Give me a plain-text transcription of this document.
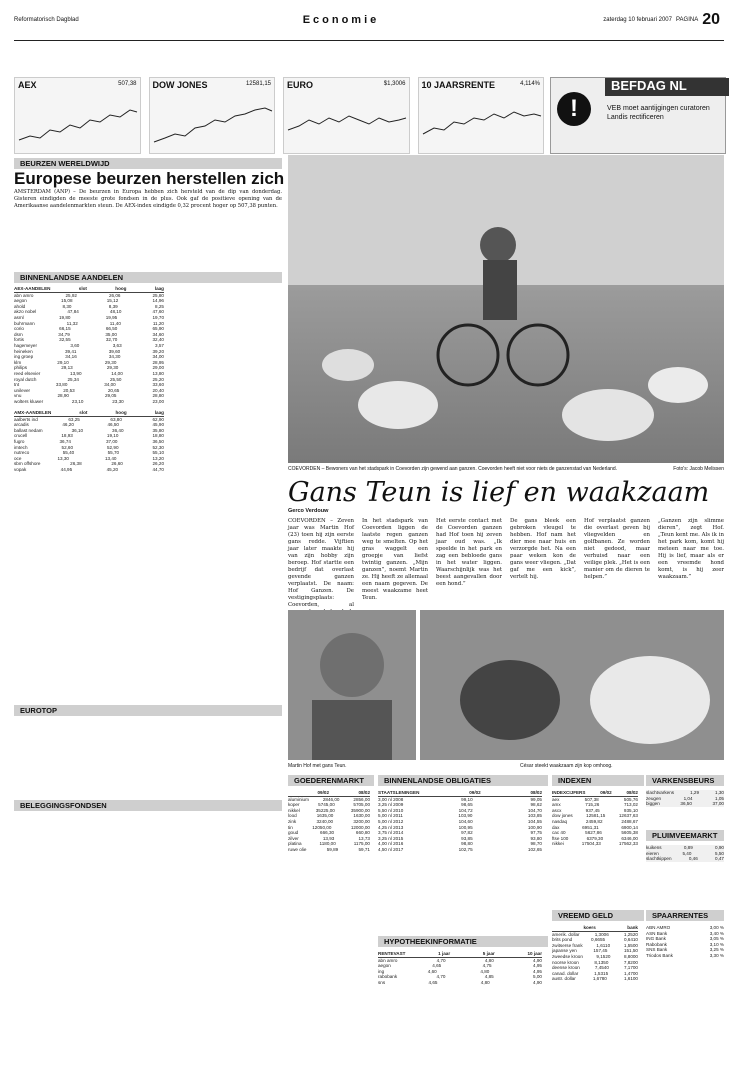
Reformatorisch Dagblad	Economie	zaterdag 10 februari 2007 PAGINA 20
AEX	507,38 DOW JONES	12581,15 EURO	$1,3006 10 JAARSRENTE	4,114%	BEFDAG NL
!	VEB moet aantijgingen curatoren Landis rectificeren
BEURZEN WERELDWIJD
Europese beurzen herstellen zich
AMSTERDAM (ANP) – De beurzen in Europa hebben zich hersteld van de dip van donderdag. Gisteren eindigden de meeste grote fondsen in de plus. Ook gaf de positieve opening van de Amerikaanse aandelenmarkten steun. De AEX-index eindigde 0,32 procent hoger op 507,38 punten.
BINNENLANDSE AANDELEN
AEX-AANDELEN	slot	hoog	laag
abn amro	25,92	26,06	25,80
aegon	15,08	15,12	14,96
ahold	8,30	8,39	8,25
akzo nobel	47,84	48,10	47,60
asml	19,80	19,95	19,70
buhrmann	11,32	11,40	11,20
corio	66,15	66,50	65,90
dsm	34,79	35,00	34,60
fortis	32,55	32,70	32,40
hagemeyer	3,60	3,63	3,57
heineken	39,41	39,60	39,20
ing groep	34,16	34,30	34,00
klm	29,10	29,30	28,95
philips	29,13	29,30	29,00
reed elsevier	13,90	14,00	13,80
royal dutch	25,34	25,50	25,20
tnt	33,80	34,00	33,60
unilever	20,53	20,65	20,40
vnu	28,90	29,05	28,80
wolters kluwer	23,10	23,30	23,00
AMX-AANDELEN	slot	hoog	laag
aalberts ind	63,25	63,80	62,90
arcadis	46,20	46,50	45,90
ballast nedam	36,10	36,40	35,80
crucell	18,93	19,10	18,80
fugro	36,74	37,00	36,50
imtech	52,60	52,90	52,30
nutreco	55,40	55,70	55,10
oce	13,30	13,40	13,20
sbm offshore	26,38	26,60	26,20
vopak	44,95	45,20	44,70	COEVORDEN – Bewoners van het stadspark in Coevorden zijn gewend aan ganzen. Coevorden heeft niet voor niets de ganzenstad van Nederland.	Foto's: Jacob Melissen
Gans Teun is lief en waakzaam
Gerco Verdouw
COEVORDEN – Zeven jaar was Martin Hof (23) toen hij zijn eerste gans redde. Vijftien jaar later maakte hij van zijn hobby zijn beroep. Hof startte een bedrijf dat overlast gevende ganzen verplaatst. De naam: Hof Ganzen. De vestigingsplaats: Coevorden, al
In het stadspark van Coevorden liggen de laatste regen ganzen weg te smelten. Op het gras waggelt een groepje van liefst twintig ganzen. „Mijn ganzen”, noemt Martin ze. Hij heeft ze allemaal een naam gegeven. De meest waakzame heet Teun.
Het eerste contact met de Coevorden ganzen had Hof toen hij zeven jaar oud was. „Ik speelde in het park en zag een bebloede gans in het water liggen. Waarschijnlijk was het beest aangevallen door een hond.”
De gans bleek een gebroken vleugel te hebben. Hof nam het dier mee naar huis en verzorgde het. Na een paar weken kon de gans weer vliegen. „Dat gaf me een kick”, vertelt hij.
Hof verplaatst ganzen die overlast geven bij vliegvelden en golfbanen. Ze worden niet gedood, maar verhuisd naar een veilige plek. „Het is een manier om de dieren te helpen.”
„Ganzen zijn slimme dieren”, zegt Hof. „Teun kent me. Als ik in het park kom, komt hij meteen naar me toe. Hij is lief, maar als er een vreemde hond komt, is hij zeer waakzaam.”
Martin Hof met gans Teun.	César steekt waakzaam zijn kop omhoog.
EUROTOP
BELEGGINGSFONDSEN
GOEDERENMARKT
09/02	08/02
aluminium	2846,00	2856,00
koper	5745,00	5705,00
nikkel	35225,00	35900,00
lood	1635,00	1630,00
zink	3240,00	3200,00
tin	12050,00	12000,00
goud	666,30	660,80
zilver	13,93	13,73
platina	1180,00	1175,00
ruwe olie	59,89	59,71
BINNENLANDSE OBLIGATIES
STAATSLENINGEN	09/02	08/02
3,00 nl 2008	99,10	99,05
3,25 nl 2009	98,65	98,62
5,50 nl 2010	104,72	104,70
5,00 nl 2011	103,90	103,85
5,00 nl 2012	104,60	104,55
4,25 nl 2013	100,95	100,90
3,75 nl 2014	97,82	97,75
3,25 nl 2015	93,85	93,80
4,00 nl 2016	98,80	98,70
4,50 nl 2017	102,75	102,65
HYPOTHEEKINFORMATIE
RENTEVAST	1 jaar	5 jaar	10 jaar
abn amro	4,70	4,80	4,90
aegon	4,65	4,75	4,95
ing	4,60	4,80	4,95
rabobank	4,70	4,85	5,00
sns	4,65	4,80	4,90
INDEXEN
INDEXCIJFERS	09/02	08/02
aex	507,38	505,76
amx	715,26	713,02
ascx	937,45	935,10
dow jones	12581,15	12637,63
nasdaq	2459,82	2488,67
dax	6951,31	6900,14
cac 40	5627,86	5605,38
ftse 100	6379,30	6346,00
nikkei	17504,33	17562,33
VREEMD GELD
koers	bank
amerik. dollar	1,3006	1,2520
brits pond	0,6655	0,6410
zwitserse frank	1,6110	1,5500
japanse yen	157,45	151,50
zweedse kroon	9,1520	8,8000
noorse kroon	8,1350	7,8200
deense kroon	7,4540	7,1700
canad. dollar	1,5315	1,4700
austr. dollar	1,6780	1,6100
VARKENSBEURS
slachtvarkens	1,29	1,30
zeugen	1,04	1,05
biggen	36,50	37,00
PLUIMVEEMARKT
kuikens	0,89	0,90
eieren	5,40	5,50
slachtkippen	0,46	0,47
SPAARRENTES
ABN AMRO	3,00 %
ASN Bank	3,40 %
ING Bank	3,05 %
Rabobank	3,10 %
SNS Bank	3,25 %
Triodos Bank	3,30 %
